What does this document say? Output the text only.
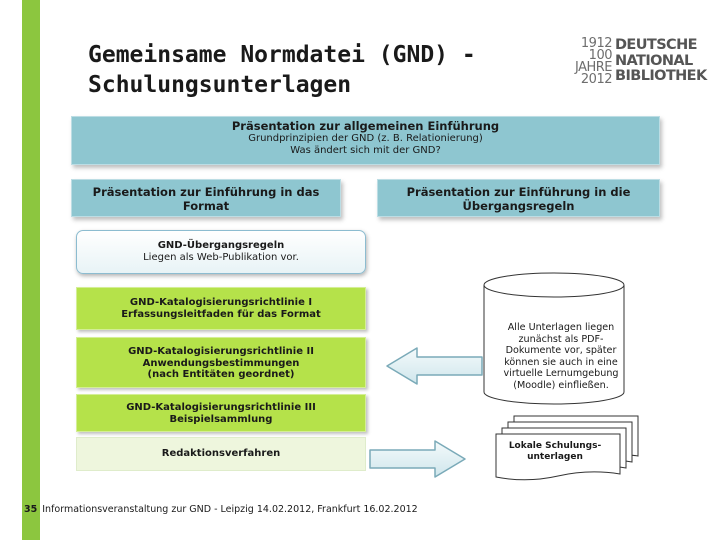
Gemeinsame Normdatei (GND) -
Schulungsunterlagen
1912
100
JAHRE
2012
DEUTSCHE
NATIONAL
BIBLIOTHEK
Präsentation zur allgemeinen Einführung
Grundprinzipien der GND (z. B. Relationierung)
Was ändert sich mit der GND?
Präsentation zur Einführung in das
Format
Präsentation zur Einführung in die
Übergangsregeln
GND-Übergangsregeln
Liegen als Web-Publikation vor.
GND-Katalogisierungsrichtlinie I
Erfassungsleitfaden für das Format
GND-Katalogisierungsrichtlinie II
Anwendungsbestimmungen
(nach Entitäten geordnet)
GND-Katalogisierungsrichtlinie III
Beispielsammlung
Redaktionsverfahren
Alle Unterlagen liegen
zunächst als PDF-
Dokumente vor, später
können sie auch in eine
virtuelle Lernumgebung
(Moodle) einfließen.
Lokale Schulungs-
unterlagen
35 Informationsveranstaltung zur GND - Leipzig 14.02.2012, Frankfurt 16.02.2012
